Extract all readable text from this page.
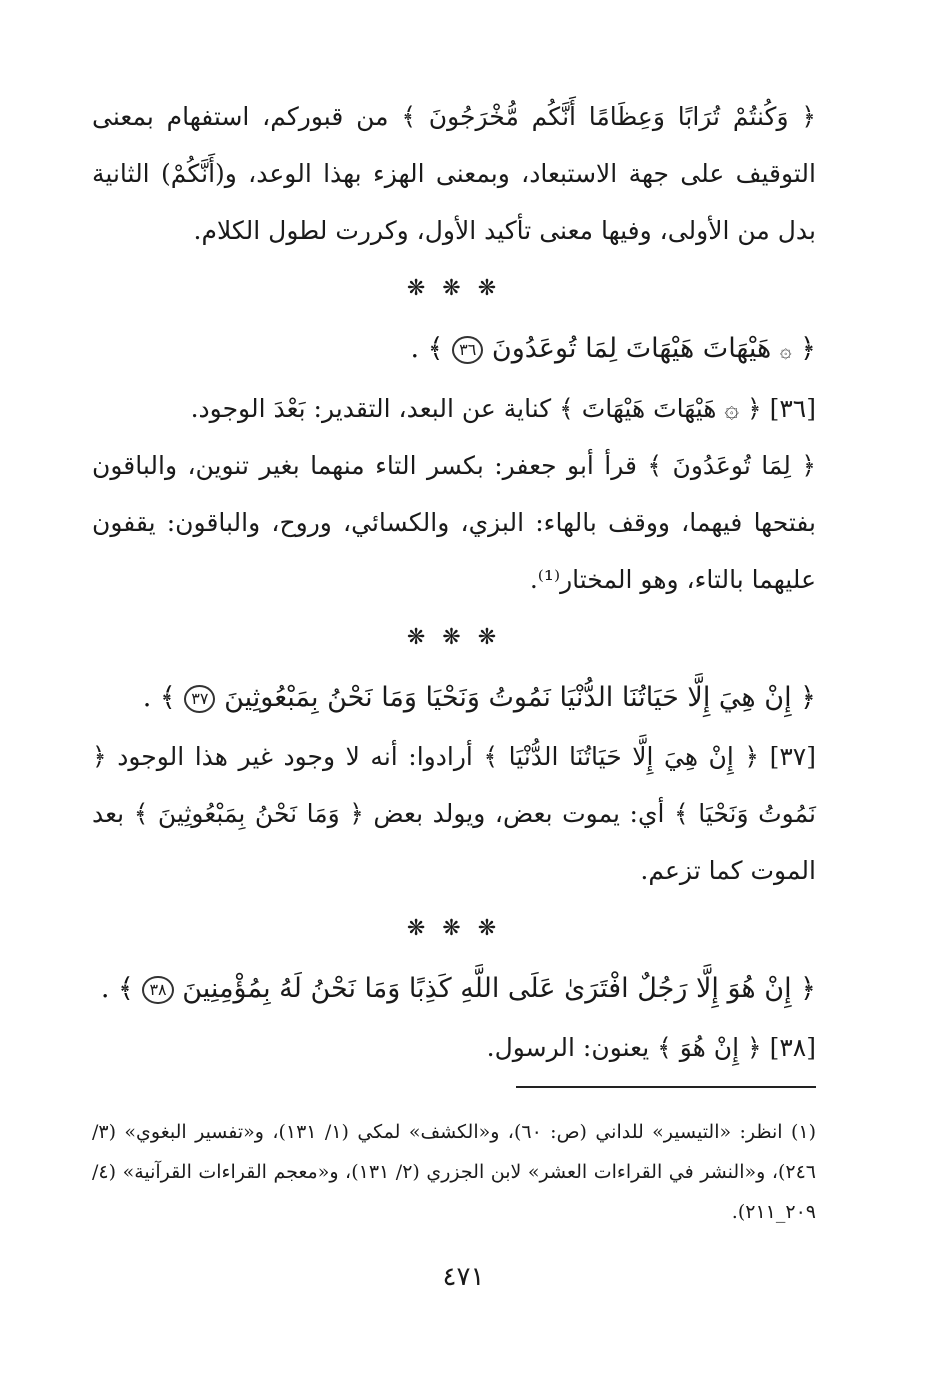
﴿ وَكُنتُمْ تُرَابًا وَعِظَامًا أَنَّكُم مُّخْرَجُونَ ﴾ من قبوركم، استفهام بمعنى التوقيف على جهة الاستبعاد، وبمعنى الهزء بهذا الوعد، و(أَنَّكُمْ) الثانية بدل من الأولى، وفيها معنى تأكيد الأول، وكررت لطول الكلام.

❋ ❋ ❋

﴿ ۞ هَيْهَاتَ هَيْهَاتَ لِمَا تُوعَدُونَ ٣٦ ﴾ .

[٣٦] ﴿ ۞ هَيْهَاتَ هَيْهَاتَ ﴾ كناية عن البعد، التقدير: بَعْدَ الوجود.

﴿ لِمَا تُوعَدُونَ ﴾ قرأ أبو جعفر: بكسر التاء منهما بغير تنوين، والباقون بفتحها فيهما، ووقف بالهاء: البزي، والكسائي، وروح، والباقون: يقفون عليهما بالتاء، وهو المختار⁽¹⁾.

❋ ❋ ❋

﴿ إِنْ هِيَ إِلَّا حَيَاتُنَا الدُّنْيَا نَمُوتُ وَنَحْيَا وَمَا نَحْنُ بِمَبْعُوثِينَ ٣٧ ﴾ .

[٣٧] ﴿ إِنْ هِيَ إِلَّا حَيَاتُنَا الدُّنْيَا ﴾ أرادوا: أنه لا وجود غير هذا الوجود ﴿ نَمُوتُ وَنَحْيَا ﴾ أي: يموت بعض، ويولد بعض ﴿ وَمَا نَحْنُ بِمَبْعُوثِينَ ﴾ بعد الموت كما تزعم.

❋ ❋ ❋

﴿ إِنْ هُوَ إِلَّا رَجُلٌ افْتَرَىٰ عَلَى اللَّهِ كَذِبًا وَمَا نَحْنُ لَهُ بِمُؤْمِنِينَ ٣٨ ﴾ .

[٣٨] ﴿ إِنْ هُوَ ﴾ يعنون: الرسول.

(١) انظر: «التيسير» للداني (ص: ٦٠)، و«الكشف» لمكي (١/ ١٣١)، و«تفسير البغوي» (٣/ ٢٤٦)، و«النشر في القراءات العشر» لابن الجزري (٢/ ١٣١)، و«معجم القراءات القرآنية» (٤/ ٢٠٩_٢١١).
٤٧١
